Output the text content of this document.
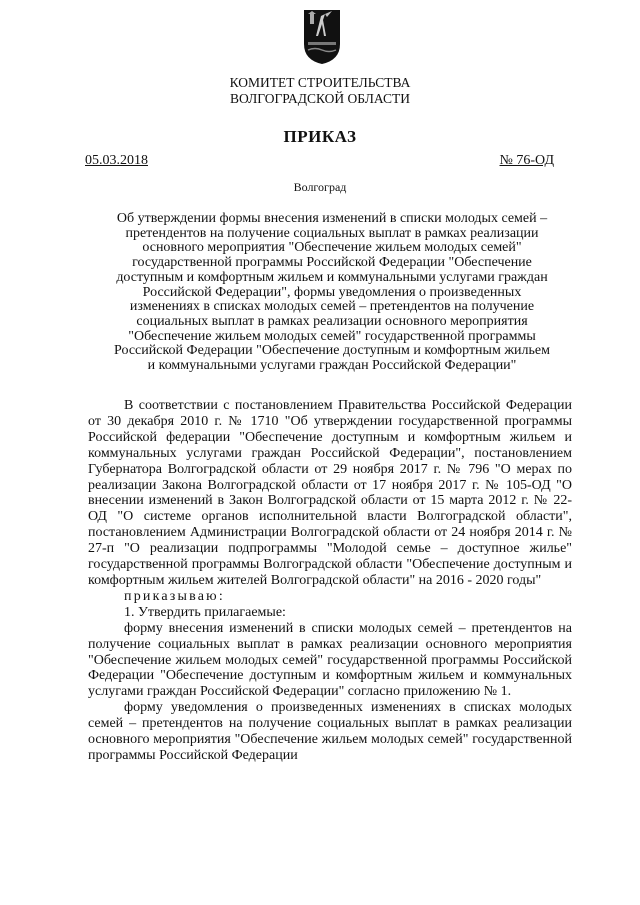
КОМИТЕТ СТРОИТЕЛЬСТВА
ВОЛГОГРАДСКОЙ ОБЛАСТИ
ПРИКАЗ
05.03.2018	№ 76-ОД
Волгоград
Об утверждении формы внесения изменений в списки молодых семей –
претендентов на получение социальных выплат в рамках реализации
основного мероприятия "Обеспечение жильем молодых семей"
государственной программы Российской Федерации "Обеспечение
доступным и комфортным жильем и коммунальными услугами граждан
Российской Федерации", формы уведомления о произведенных
изменениях в списках молодых семей – претендентов на получение
социальных выплат в рамках реализации основного мероприятия
"Обеспечение жильем молодых семей" государственной программы
Российской Федерации "Обеспечение доступным и комфортным жильем
и коммунальными услугами граждан Российской Федерации"

В соответствии с постановлением Правительства Российской Федерации от 30 декабря 2010 г. № 1710 "Об утверждении государственной программы Российской федерации "Обеспечение доступным и комфортным жильем и коммунальных услугами граждан Российской Федерации", постановлением Губернатора Волгоградской области от 29 ноября 2017 г. № 796 "О мерах по реализации Закона Волгоградской области от 17 ноября 2017 г. № 105-ОД "О внесении изменений в Закон Волгоградской области от 15 марта 2012 г. № 22-ОД "О системе органов исполнительной власти Волгоградской области", постановлением Администрации Волгоградской области от 24 ноября 2014 г. № 27-п "О реализации подпрограммы "Молодой семье – доступное жилье" государственной программы Волгоградской области "Обеспечение доступным и комфортным жильем жителей Волгоградской области" на 2016 - 2020 годы"

приказываю:

1. Утвердить прилагаемые:

форму внесения изменений в списки молодых семей – претендентов на получение социальных выплат в рамках реализации основного мероприятия "Обеспечение жильем молодых семей" государственной программы Российской Федерации "Обеспечение доступным и комфортным жильем и коммунальных услугами граждан Российской Федерации" согласно приложению № 1.

форму уведомления о произведенных изменениях в списках молодых семей – претендентов на получение социальных выплат в рамках реализации основного мероприятия "Обеспечение жильем молодых семей" государственной программы Российской Федерации
